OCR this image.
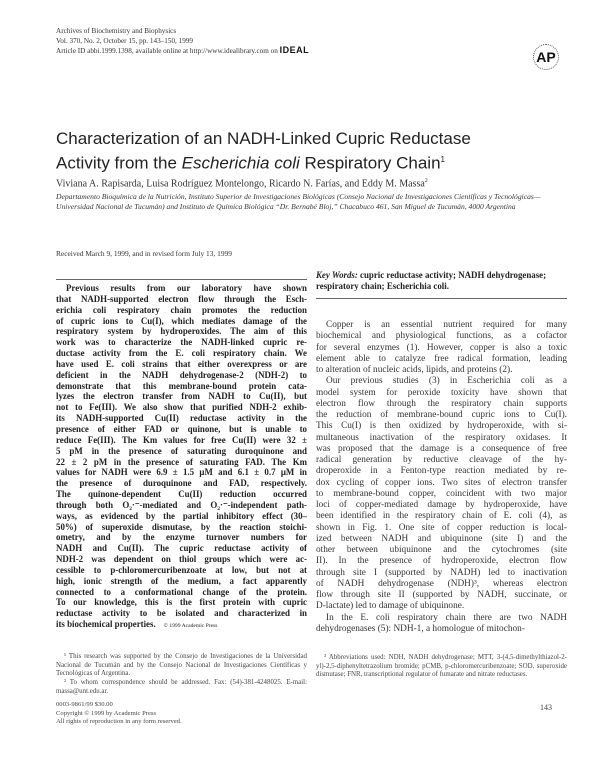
Archives of Biochemistry and Biophysics
Vol. 370, No. 2, October 15, pp. 143–150, 1999
Article ID abbi.1999.1398, available online at http://www.idealibrary.com on IDEAL	AP
Characterization of an NADH-Linked Cupric Reductase
Activity from the Escherichia coli Respiratory Chain$^1$
Viviana A. Rapisarda, Luisa Rodríguez Montelongo, Ricardo N. Farías, and Eddy M. Massa$^2$
Departamento Bioquímica de la Nutrición, Instituto Superior de Investigaciones Biológicas (Consejo Nacional de Investigaciones Científicas y Tecnológicas—Universidad Nacional de Tucumán) and Instituto de Química Biológica “Dr. Bernabé Bloj,” Chacabuco 461, San Miguel de Tucumán, 4000 Argentina
Received March 9, 1999, and in revised form July 13, 1999
Previous results from our laboratory have shown
that NADH-supported electron flow through the Esch-
erichia coli respiratory chain promotes the reduction
of cupric ions to Cu(I), which mediates damage of the
respiratory system by hydroperoxides. The aim of this
work was to characterize the NADH-linked cupric re-
ductase activity from the E. coli respiratory chain. We
have used E. coli strains that either overexpress or are
deficient in the NADH dehydrogenase-2 (NDH-2) to
demonstrate that this membrane-bound protein cata-
lyzes the electron transfer from NADH to Cu(II), but
not to Fe(III). We also show that purified NDH-2 exhib-
its NADH-supported Cu(II) reductase activity in the
presence of either FAD or quinone, but is unable to
reduce Fe(III). The Km values for free Cu(II) were 32 ±
5 pM in the presence of saturating duroquinone and
22 ± 2 pM in the presence of saturating FAD. The Km
values for NADH were 6.9 ± 1.5 μM and 6.1 ± 0.7 μM in
the presence of duroquinone and FAD, respectively.
The quinone-dependent Cu(II) reduction occurred
through both O₂·⁻-mediated and O₂·⁻-independent path-
ways, as evidenced by the partial inhibitory effect (30–
50%) of superoxide dismutase, by the reaction stoichi-
ometry, and by the enzyme turnover numbers for
NADH and Cu(II). The cupric reductase activity of
NDH-2 was dependent on thiol groups which were ac-
cessible to p-chloromercuribenzoate at low, but not at
high, ionic strength of the medium, a fact apparently
connected to a conformational change of the protein.
To our knowledge, this is the first protein with cupric
reductase activity to be isolated and characterized in
its biochemical properties. © 1999 Academic Press
Key Words: cupric reductase activity; NADH dehydrogenase; respiratory chain; Escherichia coli.
Copper is an essential nutrient required for many
biochemical and physiological functions, as a cofactor
for several enzymes (1). However, copper is also a toxic
element able to catalyze free radical formation, leading
to alteration of nucleic acids, lipids, and proteins (2).
Our previous studies (3) in Escherichia coli as a
model system for peroxide toxicity have shown that
electron flow through the respiratory chain supports
the reduction of membrane-bound cupric ions to Cu(I).
This Cu(I) is then oxidized by hydroperoxide, with si-
multaneous inactivation of the respiratory oxidases. It
was proposed that the damage is a consequence of free
radical generation by reductive cleavage of the hy-
droperoxide in a Fenton-type reaction mediated by re-
dox cycling of copper ions. Two sites of electron transfer
to membrane-bound copper, coincident with two major
loci of copper-mediated damage by hydroperoxide, have
been identified in the respiratory chain of E. coli (4), as
shown in Fig. 1. One site of copper reduction is local-
ized between NADH and ubiquinone (site I) and the
other between ubiquinone and the cytochromes (site
II). In the presence of hydroperoxide, electron flow
through site I (supported by NADH) led to inactivation
of NADH dehydrogenase (NDH)³, whereas electron
flow through site II (supported by NADH, succinate, or
D-lactate) led to damage of ubiquinone.
In the E. coli respiratory chain there are two NADH
dehydrogenases (5): NDH-1, a homologue of mitochon-

¹ This research was supported by the Consejo de Investigaciones de la Universidad Nacional de Tucumán and by the Consejo Nacional de Investigaciones Científicas y Tecnológicas of Argentina.

² To whom correspondence should be addressed. Fax: (54)-381-4248025. E-mail: massa@unt.edu.ar.

0003-9861/99 $30.00
Copyright © 1999 by Academic Press
All rights of reproduction in any form reserved.

³ Abbreviations used: NDH, NADH dehydrogenase; MTT, 3-(4,5-dimethylthiazol-2-yl)-2,5-diphenyltetrazolium bromide; pCMB, p-chloromercuribenzoate; SOD, superoxide dismutase; FNR, transcriptional regulator of fumarate and nitrate reductases.

143
